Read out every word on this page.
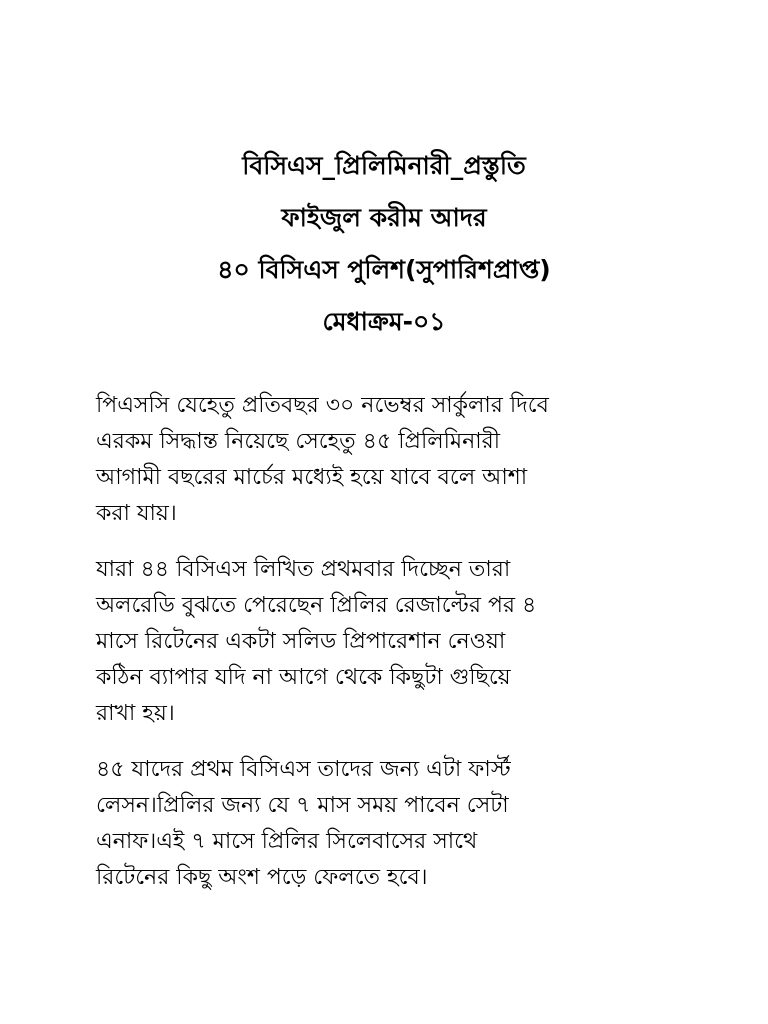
বিসিএস_প্রিলিমিনারী_প্রস্তুতি
ফাইজুল করীম আদর
৪০ বিসিএস পুলিশ(সুপারিশপ্রাপ্ত)
মেধাক্রম-০১

পিএসসি যেহেতু প্রতিবছর ৩০ নভেম্বর সার্কুলার দিবে
এরকম সিদ্ধান্ত নিয়েছে সেহেতু ৪৫ প্রিলিমিনারী
আগামী বছরের মার্চের মধ্যেই হয়ে যাবে বলে আশা
করা যায়।

যারা ৪৪ বিসিএস লিখিত প্রথমবার দিচ্ছেন তারা
অলরেডি বুঝতে পেরেছেন প্রিলির রেজাল্টের পর ৪
মাসে রিটেনের একটা সলিড প্রিপারেশান নেওয়া
কঠিন ব্যাপার যদি না আগে থেকে কিছুটা গুছিয়ে
রাখা হয়।

৪৫ যাদের প্রথম বিসিএস তাদের জন্য এটা ফার্স্ট
লেসন।প্রিলির জন্য যে ৭ মাস সময় পাবেন সেটা
এনাফ।এই ৭ মাসে প্রিলির সিলেবাসের সাথে
রিটেনের কিছু অংশ পড়ে ফেলতে হবে।
